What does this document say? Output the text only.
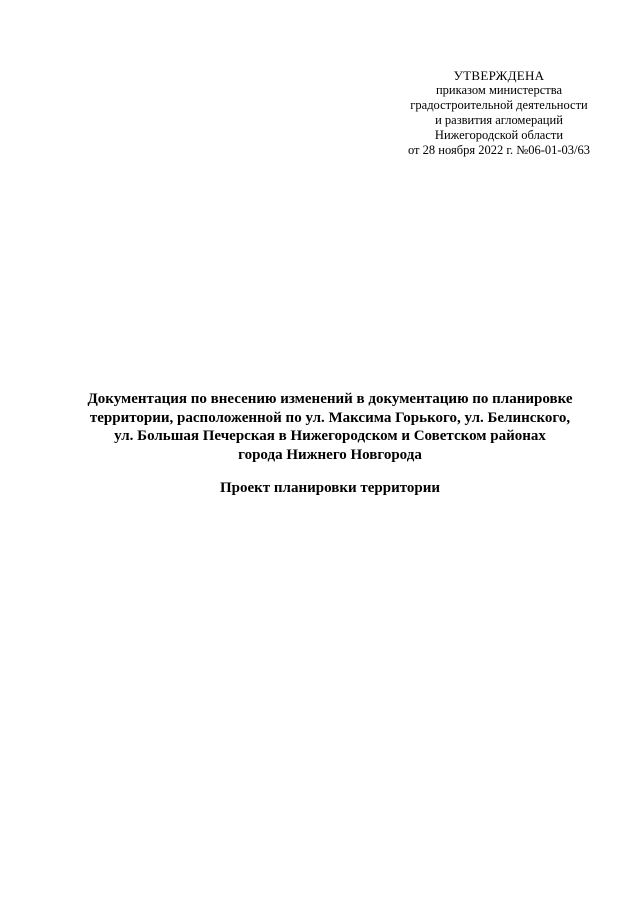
УТВЕРЖДЕНА
приказом министерства
градостроительной деятельности
и развития агломераций
Нижегородской области
от 28 ноября 2022 г. №06-01-03/63
Документация по внесению изменений в документацию по планировке
территории, расположенной по ул. Максима Горького, ул. Белинского,
ул. Большая Печерская в Нижегородском и Советском районах
города Нижнего Новгорода
Проект планировки территории
